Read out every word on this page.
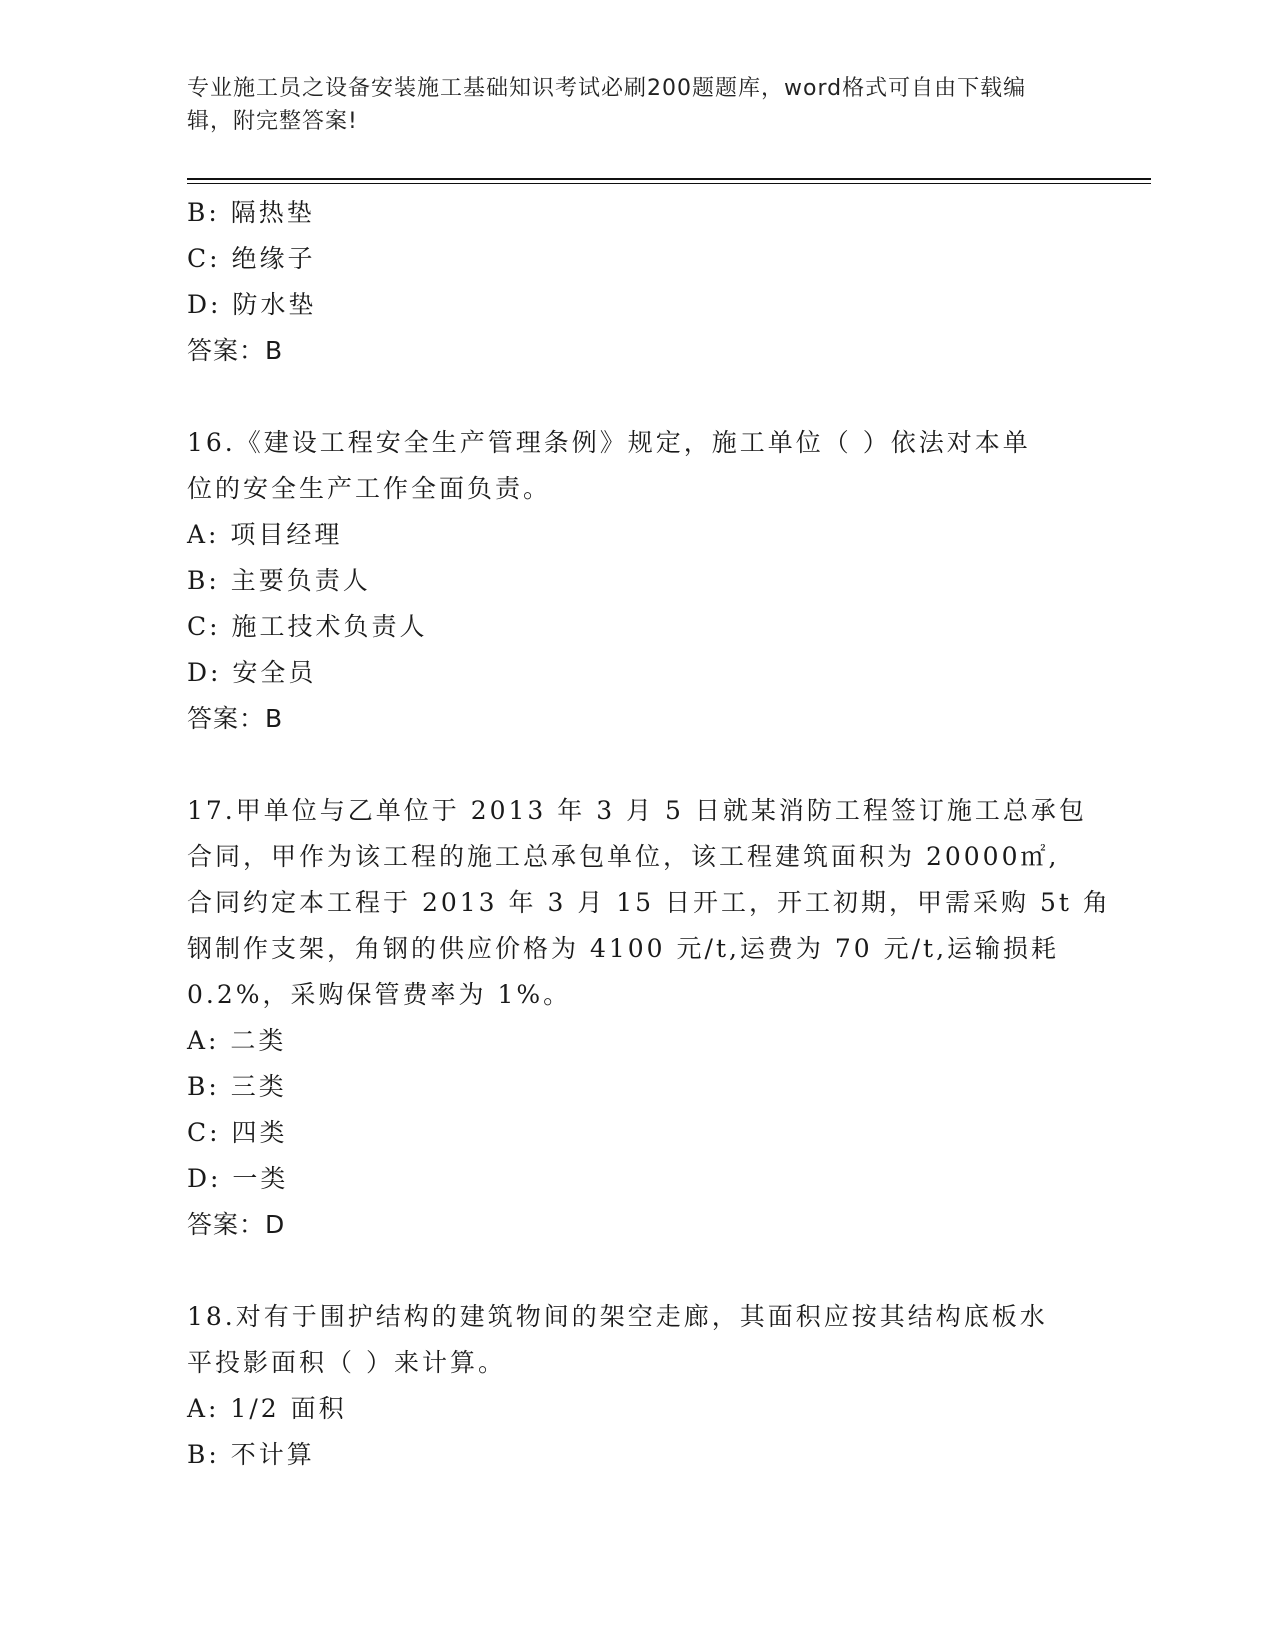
专业施工员之设备安装施工基础知识考试必刷200题题库，word格式可自由下载编辑，附完整答案!
B: 隔热垫
C: 绝缘子
D: 防水垫
答案：B
16.《建设工程安全生产管理条例》规定，施工单位（ ）依法对本单
位的安全生产工作全面负责。
A: 项目经理
B: 主要负责人
C: 施工技术负责人
D: 安全员
答案：B
17.甲单位与乙单位于 2013 年 3 月 5 日就某消防工程签订施工总承包
合同，甲作为该工程的施工总承包单位，该工程建筑面积为 20000㎡,
合同约定本工程于 2013 年 3 月 15 日开工，开工初期，甲需采购 5t 角
钢制作支架，角钢的供应价格为 4100 元/t,运费为 70 元/t,运输损耗
0.2%，采购保管费率为 1%。
A: 二类
B: 三类
C: 四类
D: 一类
答案：D
18.对有于围护结构的建筑物间的架空走廊，其面积应按其结构底板水
平投影面积（ ）来计算。
A: 1/2 面积
B: 不计算
